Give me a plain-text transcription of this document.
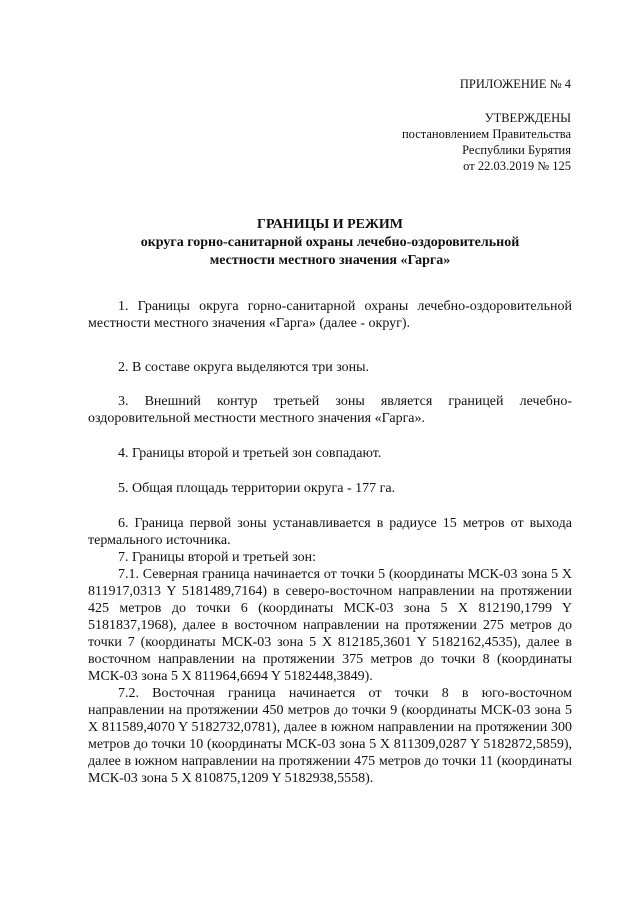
ПРИЛОЖЕНИЕ № 4
УТВЕРЖДЕНЫ
постановлением Правительства
Республики Бурятия
от 22.03.2019 № 125
ГРАНИЦЫ И РЕЖИМ
округа горно-санитарной охраны лечебно-оздоровительной
местности местного значения «Гарга»

1. Границы округа горно-санитарной охраны лечебно-оздоровительной местности местного значения «Гарга» (далее - округ).

2. В составе округа выделяются три зоны.

3. Внешний контур третьей зоны является границей лечебно-оздоровительной местности местного значения «Гарга».

4. Границы второй и третьей зон совпадают.

5. Общая площадь территории округа - 177 га.

6. Граница первой зоны устанавливается в радиусе 15 метров от выхода термального источника.

7. Границы второй и третьей зон:

7.1. Северная граница начинается от точки 5 (координаты МСК-03 зона 5 X 811917,0313 Y 5181489,7164) в северо-восточном направлении на протяжении 425 метров до точки 6 (координаты МСК-03 зона 5 X 812190,1799 Y 5181837,1968), далее в восточном направлении на протяжении 275 метров до точки 7 (координаты МСК-03 зона 5 X 812185,3601 Y 5182162,4535), далее в восточном направлении на протяжении 375 метров до точки 8 (координаты МСК-03 зона 5 X 811964,6694 Y 5182448,3849).

7.2. Восточная граница начинается от точки 8 в юго-восточном направлении на протяжении 450 метров до точки 9 (координаты МСК-03 зона 5 X 811589,4070 Y 5182732,0781), далее в южном направлении на протяжении 300 метров до точки 10 (координаты МСК-03 зона 5 X 811309,0287 Y 5182872,5859), далее в южном направлении на протяжении 475 метров до точки 11 (координаты МСК-03 зона 5 X 810875,1209 Y 5182938,5558).
